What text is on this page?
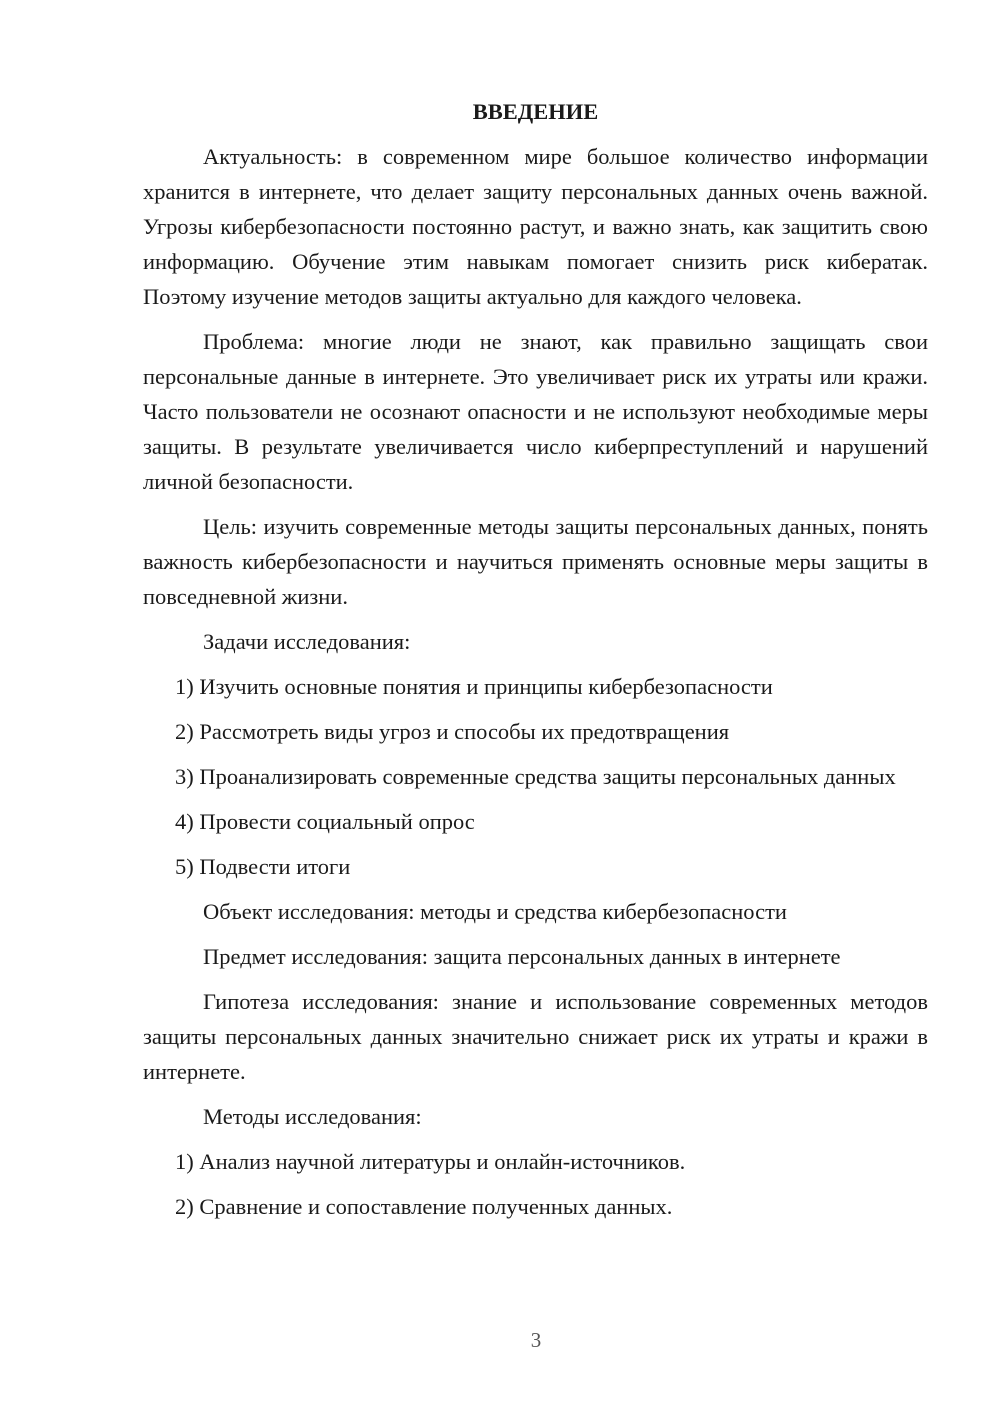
ВВЕДЕНИЕ

Актуальность: в современном мире большое количество информации хранится в интернете, что делает защиту персональных данных очень важной. Угрозы кибербезопасности постоянно растут, и важно знать, как защитить свою информацию. Обучение этим навыкам помогает снизить риск кибератак. Поэтому изучение методов защиты актуально для каждого человека.

Проблема: многие люди не знают, как правильно защищать свои персональные данные в интернете. Это увеличивает риск их утраты или кражи. Часто пользователи не осознают опасности и не используют необходимые меры защиты. В результате увеличивается число киберпреступлений и нарушений личной безопасности.

Цель: изучить современные методы защиты персональных данных, понять важность кибербезопасности и научиться применять основные меры защиты в повседневной жизни.

Задачи исследования:

1) Изучить основные понятия и принципы кибербезопасности

2) Рассмотреть виды угроз и способы их предотвращения

3) Проанализировать современные средства защиты персональных данных

4) Провести социальный опрос

5) Подвести итоги

Объект исследования: методы и средства кибербезопасности

Предмет исследования: защита персональных данных в интернете

Гипотеза исследования: знание и использование современных методов защиты персональных данных значительно снижает риск их утраты и кражи в интернете.

Методы исследования:

1) Анализ научной литературы и онлайн-источников.

2) Сравнение и сопоставление полученных данных.

3
